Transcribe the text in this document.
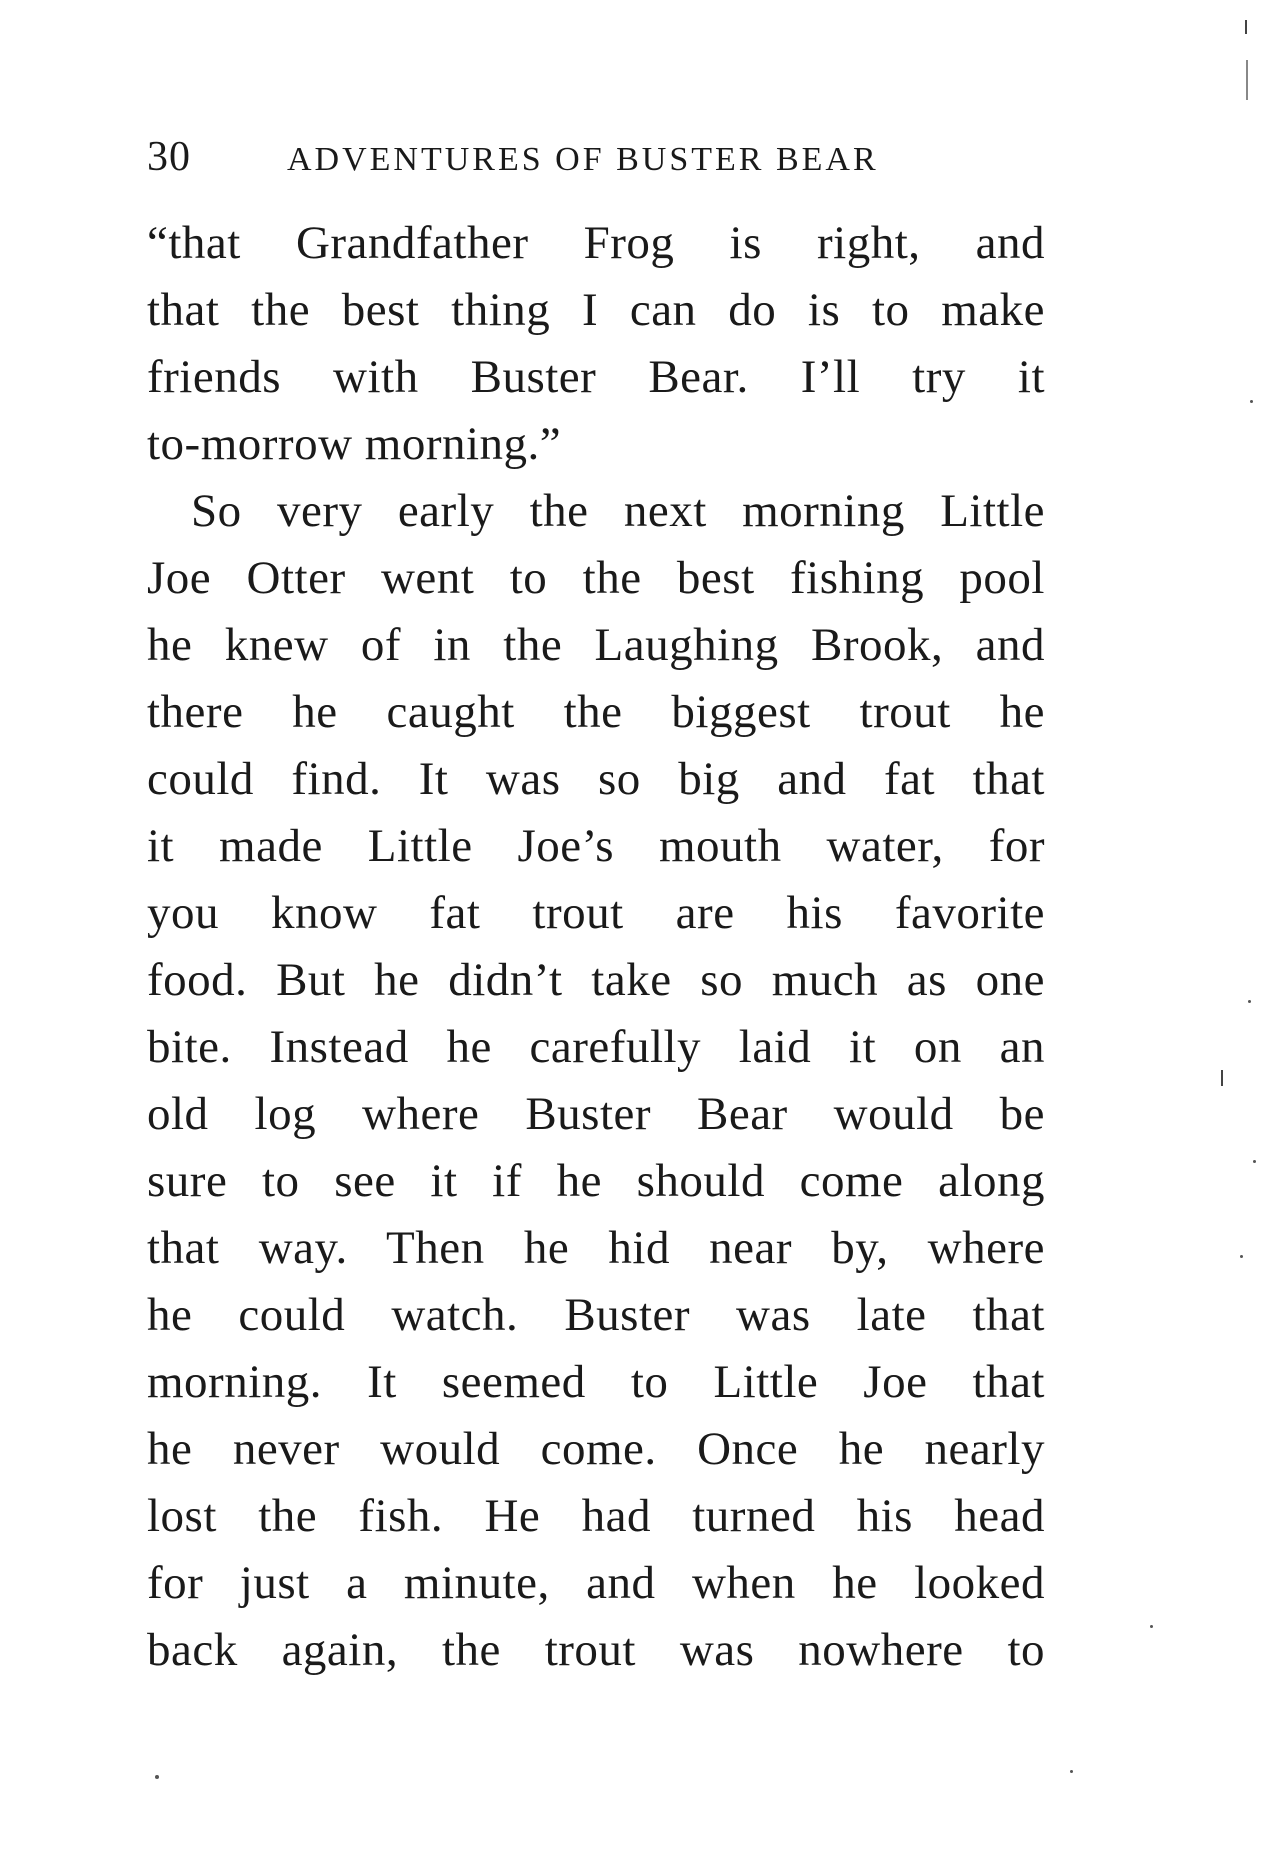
30	ADVENTURES OF BUSTER BEAR
“that Grandfather Frog is right, and
that the best thing I can do is to make
friends with Buster Bear. I’ll try it
to-morrow morning.”
So very early the next morning Little
Joe Otter went to the best fishing pool
he knew of in the Laughing Brook, and
there he caught the biggest trout he
could find. It was so big and fat that
it made Little Joe’s mouth water, for
you know fat trout are his favorite
food. But he didn’t take so much as one
bite. Instead he carefully laid it on an
old log where Buster Bear would be
sure to see it if he should come along
that way. Then he hid near by, where
he could watch. Buster was late that
morning. It seemed to Little Joe that
he never would come. Once he nearly
lost the fish. He had turned his head
for just a minute, and when he looked
back again, the trout was nowhere to
